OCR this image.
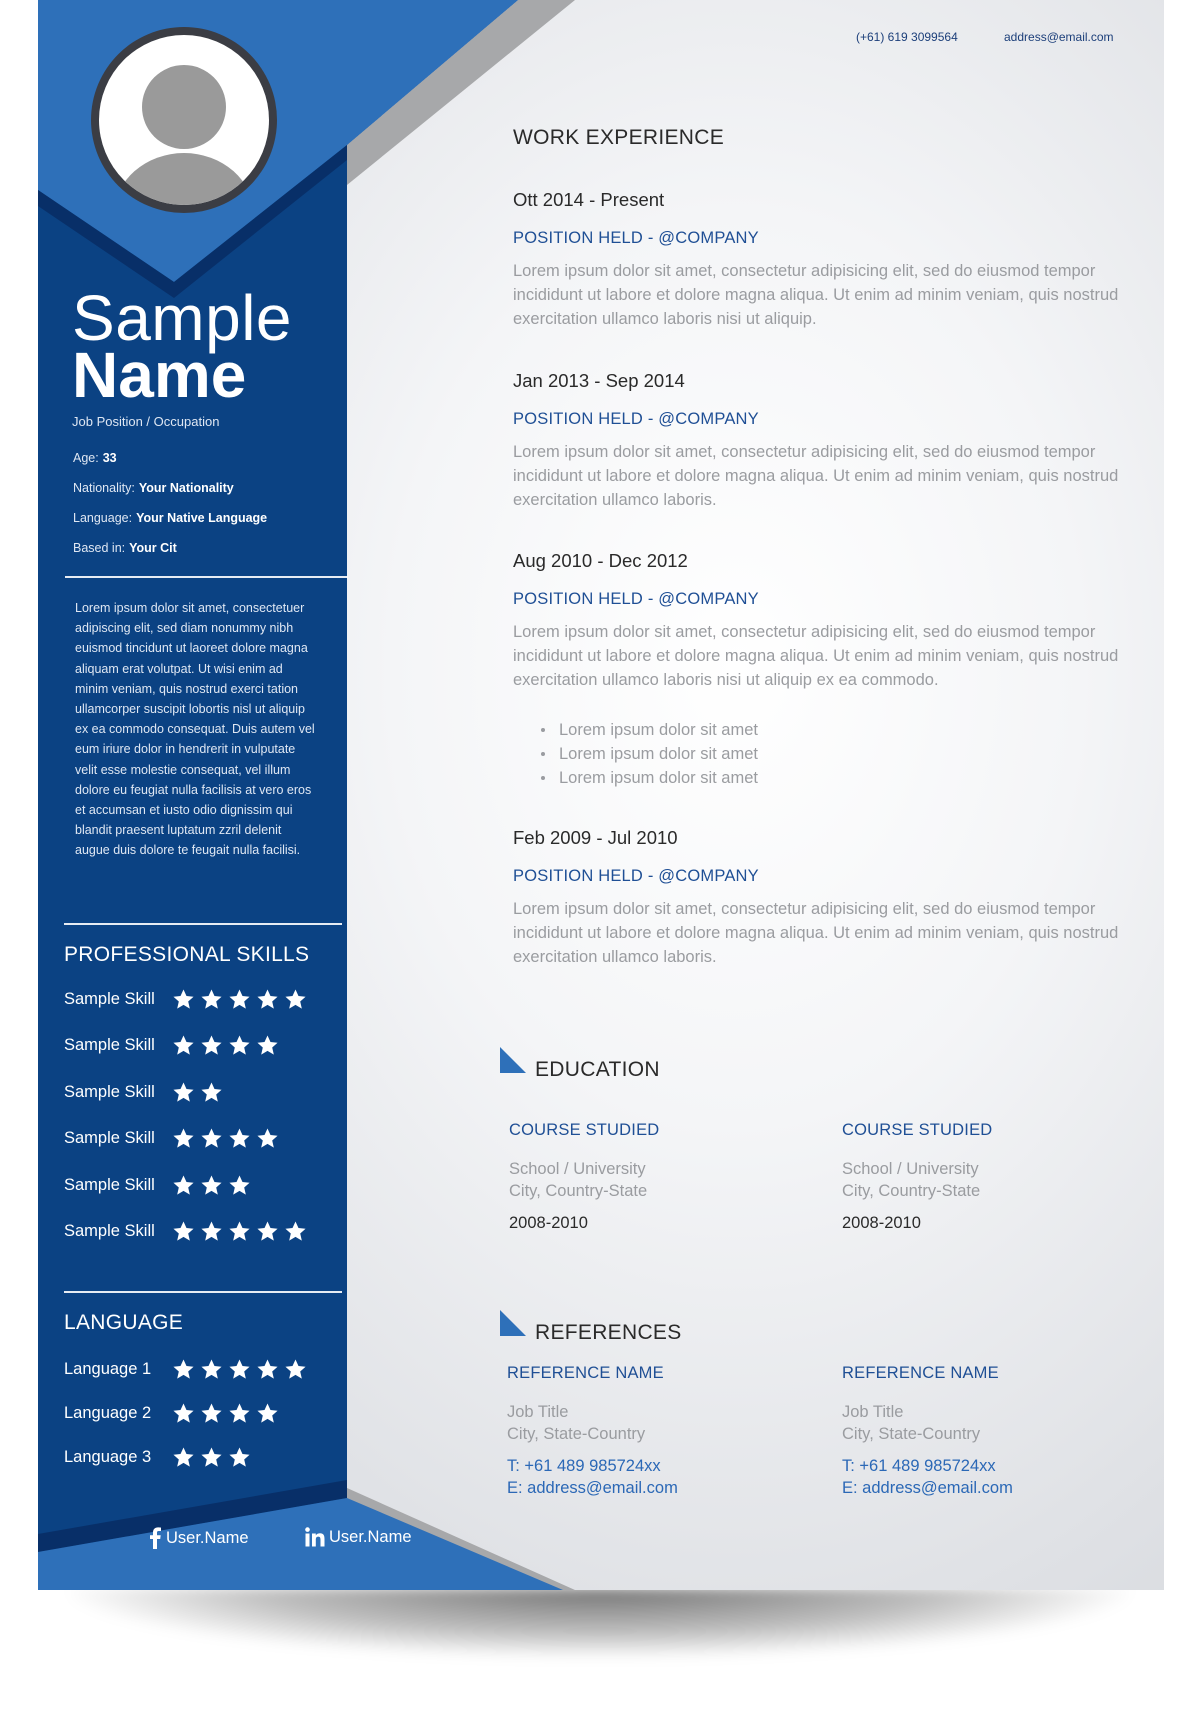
Sample
Name
Job Position / Occupation
Age: 33
Nationality: Your Nationality
Language: Your Native Language
Based in: Your Cit
Lorem ipsum dolor sit amet, consectetuer adipiscing elit, sed diam nonummy nibh euismod tincidunt ut laoreet dolore magna aliquam erat volutpat. Ut wisi enim ad minim veniam, quis nostrud exerci tation ullamcorper suscipit lobortis nisl ut aliquip ex ea commodo consequat. Duis autem vel eum iriure dolor in hendrerit in vulputate velit esse molestie consequat, vel illum dolore eu feugiat nulla facilisis at vero eros et accumsan et iusto odio dignissim qui blandit praesent luptatum zzril delenit augue duis dolore te feugait nulla facilisi.
PROFESSIONAL SKILLS
Sample Skill
Sample Skill
Sample Skill
Sample Skill
Sample Skill
Sample Skill
LANGUAGE
Language 1
Language 2
Language 3
User.Name	User.Name
(+61) 619 3099564	address@email.com
WORK EXPERIENCE
Ott 2014 - Present
POSITION HELD - @COMPANY
Lorem ipsum dolor sit amet, consectetur adipisicing elit, sed do eiusmod tempor incididunt ut labore et dolore magna aliqua. Ut enim ad minim veniam, quis nostrud exercitation ullamco laboris nisi ut aliquip.
Jan 2013 - Sep 2014
POSITION HELD - @COMPANY
Lorem ipsum dolor sit amet, consectetur adipisicing elit, sed do eiusmod tempor incididunt ut labore et dolore magna aliqua. Ut enim ad minim veniam, quis nostrud exercitation ullamco laboris.
Aug 2010 - Dec 2012
POSITION HELD - @COMPANY
Lorem ipsum dolor sit amet, consectetur adipisicing elit, sed do eiusmod tempor incididunt ut labore et dolore magna aliqua. Ut enim ad minim veniam, quis nostrud exercitation ullamco laboris nisi ut aliquip ex ea commodo.
Lorem ipsum dolor sit amet
Lorem ipsum dolor sit amet
Lorem ipsum dolor sit amet
Feb 2009 - Jul 2010
POSITION HELD - @COMPANY
Lorem ipsum dolor sit amet, consectetur adipisicing elit, sed do eiusmod tempor incididunt ut labore et dolore magna aliqua. Ut enim ad minim veniam, quis nostrud exercitation ullamco laboris.
EDUCATION
COURSE STUDIED
School / University
City, Country-State
2008-2010
COURSE STUDIED
School / University
City, Country-State
2008-2010
REFERENCES
REFERENCE NAME
Job Title
City, State-Country
T: +61 489 985724xx
E: address@email.com
REFERENCE NAME
Job Title
City, State-Country
T: +61 489 985724xx
E: address@email.com
